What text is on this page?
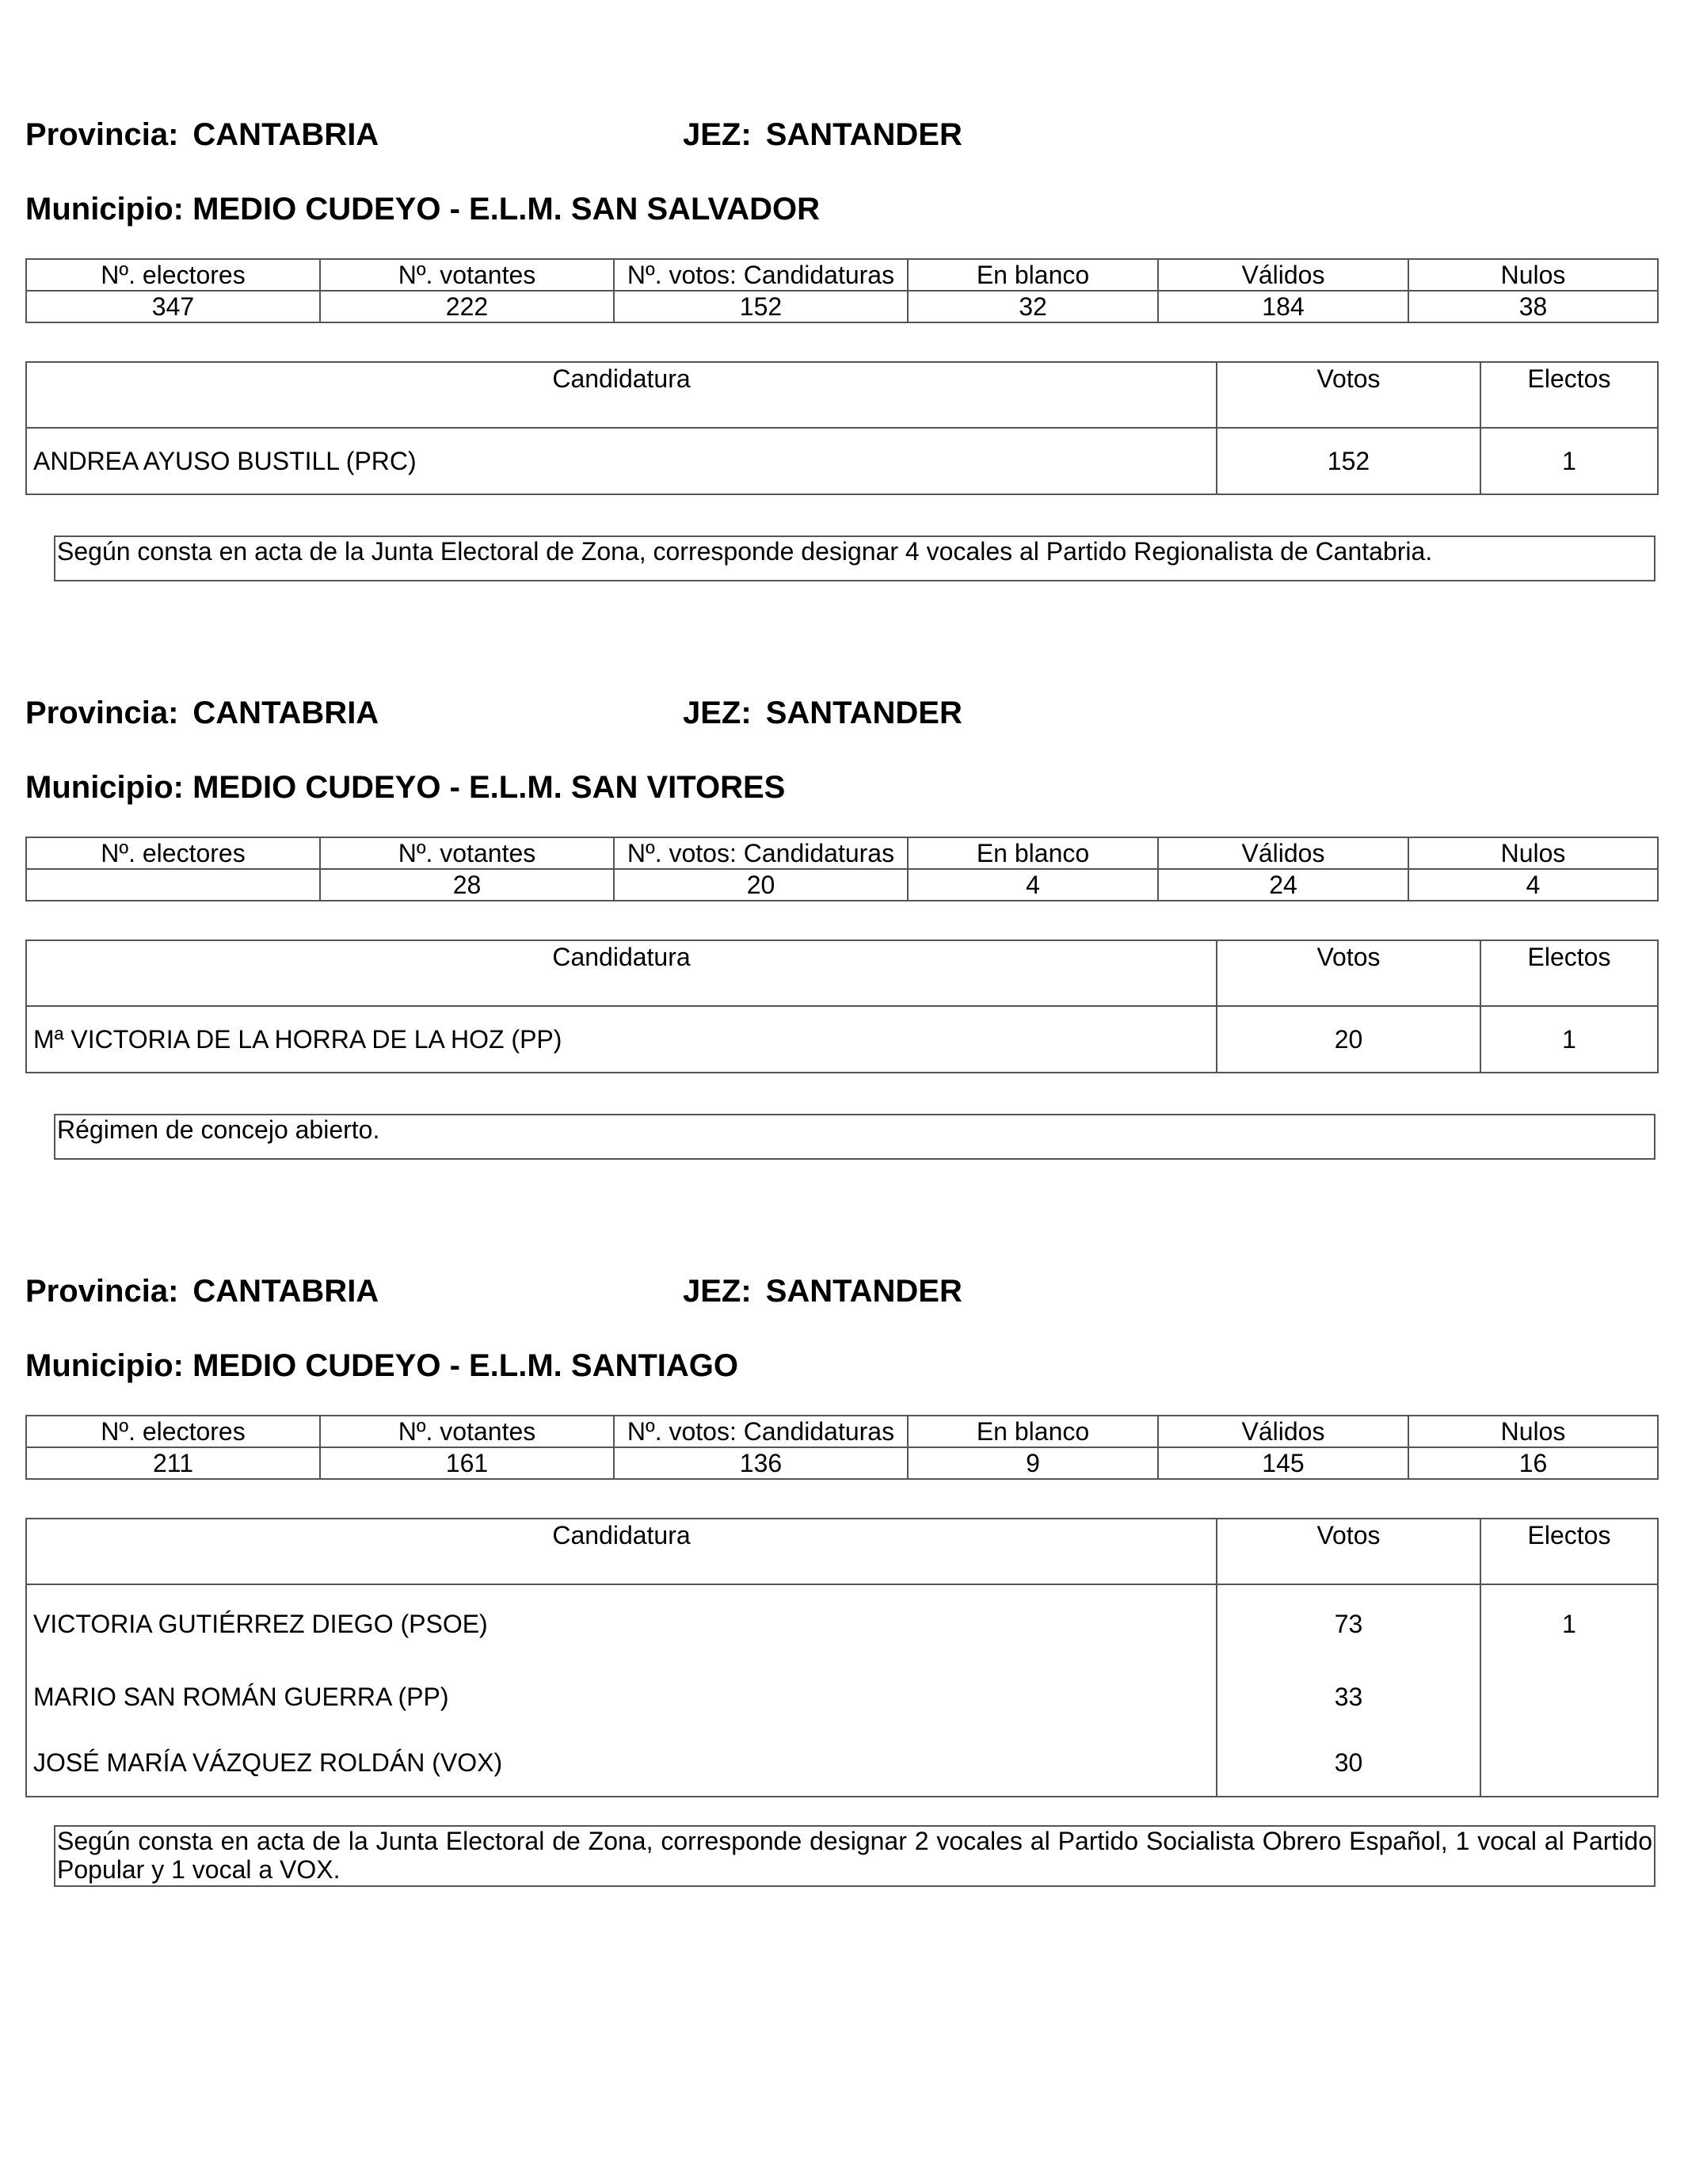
Provincia: CANTABRIA	JEZ: SANTANDER
Municipio: MEDIO CUDEYO - E.L.M. SAN SALVADOR
Nº. electores	Nº. votantes	Nº. votos: Candidaturas	En blanco	Válidos	Nulos
347	222	152	32	184	38
Candidatura	Votos	Electos
ANDREA AYUSO BUSTILL (PRC)	152	1
Según consta en acta de la Junta Electoral de Zona, corresponde designar 4 vocales al Partido Regionalista de Cantabria.
Provincia: CANTABRIA	JEZ: SANTANDER
Municipio: MEDIO CUDEYO - E.L.M. SAN VITORES
Nº. electores	Nº. votantes	Nº. votos: Candidaturas	En blanco	Válidos	Nulos
	28	20	4	24	4
Candidatura	Votos	Electos
Mª VICTORIA DE LA HORRA DE LA HOZ (PP)	20	1
Régimen de concejo abierto.
Provincia: CANTABRIA	JEZ: SANTANDER
Municipio: MEDIO CUDEYO - E.L.M. SANTIAGO
Nº. electores	Nº. votantes	Nº. votos: Candidaturas	En blanco	Válidos	Nulos
211	161	136	9	145	16
Candidatura	Votos	Electos
VICTORIA GUTIÉRREZ DIEGO (PSOE)	73	1
MARIO SAN ROMÁN GUERRA (PP)	33	
JOSÉ MARÍA VÁZQUEZ ROLDÁN (VOX)	30	
Según consta en acta de la Junta Electoral de Zona, corresponde designar 2 vocales al Partido Socialista Obrero Español, 1 vocal al Partido Popular y 1 vocal a VOX.
